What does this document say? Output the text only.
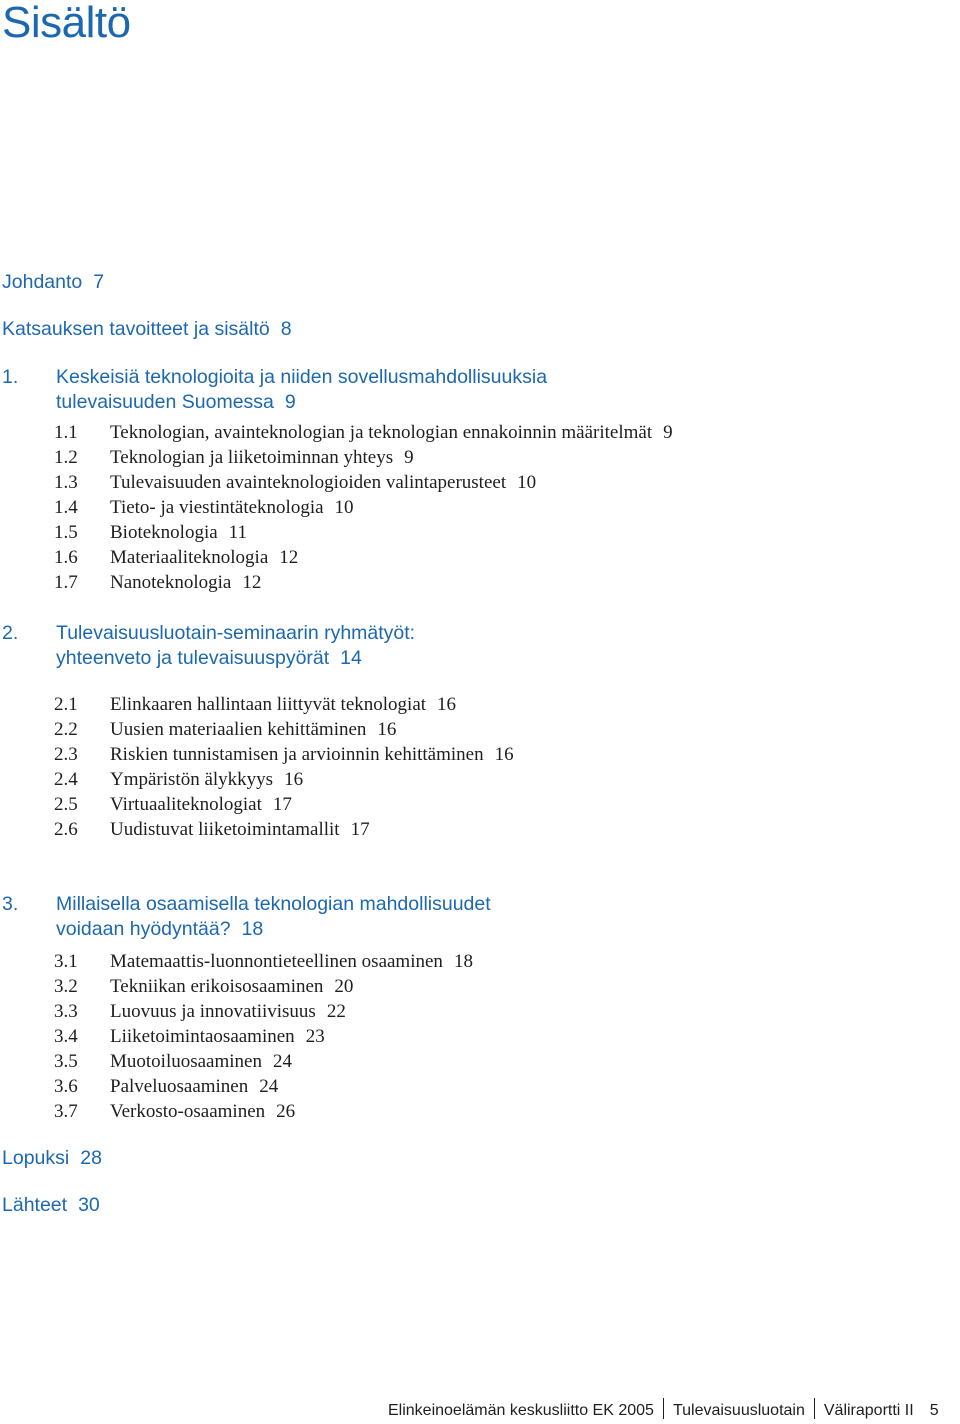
Sisältö
Johdanto 7
Katsauksen tavoitteet ja sisältö 8
1. Keskeisiä teknologioita ja niiden sovellusmahdollisuuksia
tulevaisuuden Suomessa 9
1.1 Teknologian, avainteknologian ja teknologian ennakoinnin määritelmät 9
1.2 Teknologian ja liiketoiminnan yhteys 9
1.3 Tulevaisuuden avainteknologioiden valintaperusteet 10
1.4 Tieto- ja viestintäteknologia 10
1.5 Bioteknologia 11
1.6 Materiaaliteknologia 12
1.7 Nanoteknologia 12
2. Tulevaisuusluotain-seminaarin ryhmätyöt:
yhteenveto ja tulevaisuuspyörät 14
2.1 Elinkaaren hallintaan liittyvät teknologiat 16
2.2 Uusien materiaalien kehittäminen 16
2.3 Riskien tunnistamisen ja arvioinnin kehittäminen 16
2.4 Ympäristön älykkyys 16
2.5 Virtuaaliteknologiat 17
2.6 Uudistuvat liiketoimintamallit 17
3. Millaisella osaamisella teknologian mahdollisuudet
voidaan hyödyntää? 18
3.1 Matemaattis-luonnontieteellinen osaaminen 18
3.2 Tekniikan erikoisosaaminen 20
3.3 Luovuus ja innovatiivisuus 22
3.4 Liiketoimintaosaaminen 23
3.5 Muotoiluosaaminen 24
3.6 Palveluosaaminen 24
3.7 Verkosto-osaaminen 26
Lopuksi 28
Lähteet 30
Elinkeinoelämän keskusliitto EK 2005 Tulevaisuusluotain Väliraportti II 5
